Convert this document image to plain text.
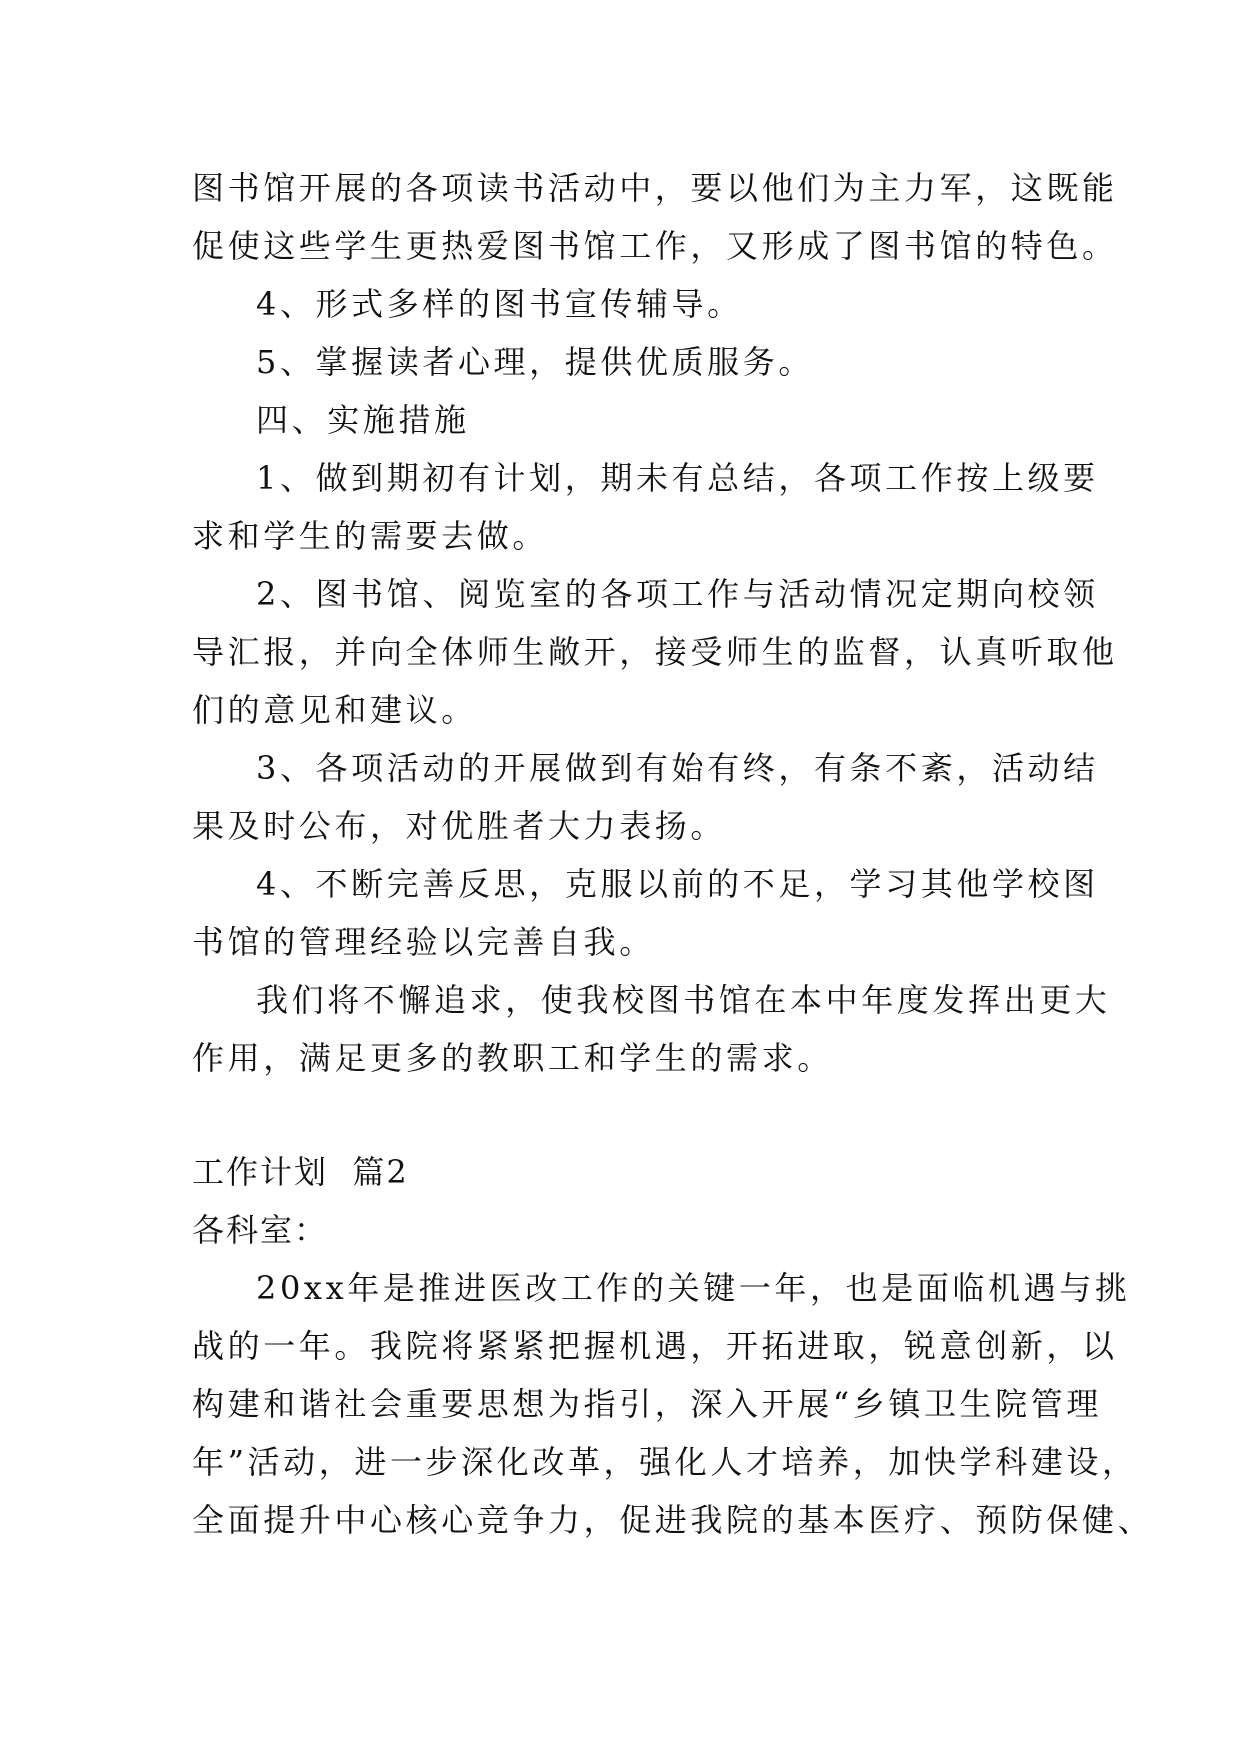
图书馆开展的各项读书活动中，要以他们为主力军，这既能
促使这些学生更热爱图书馆工作，又形成了图书馆的特色。
4、形式多样的图书宣传辅导。
5、掌握读者心理，提供优质服务。
四、实施措施
1、做到期初有计划，期未有总结，各项工作按上级要
求和学生的需要去做。
2、图书馆、阅览室的各项工作与活动情况定期向校领
导汇报，并向全体师生敞开，接受师生的监督，认真听取他
们的意见和建议。
3、各项活动的开展做到有始有终，有条不紊，活动结
果及时公布，对优胜者大力表扬。
4、不断完善反思，克服以前的不足，学习其他学校图
书馆的管理经验以完善自我。
我们将不懈追求，使我校图书馆在本中年度发挥出更大
作用，满足更多的教职工和学生的需求。
工作计划  篇2
各科室：
20xx年是推进医改工作的关键一年，也是面临机遇与挑
战的一年。我院将紧紧把握机遇，开拓进取，锐意创新，以
构建和谐社会重要思想为指引，深入开展“乡镇卫生院管理
年”活动，进一步深化改革，强化人才培养，加快学科建设，
全面提升中心核心竞争力，促进我院的基本医疗、预防保健、
